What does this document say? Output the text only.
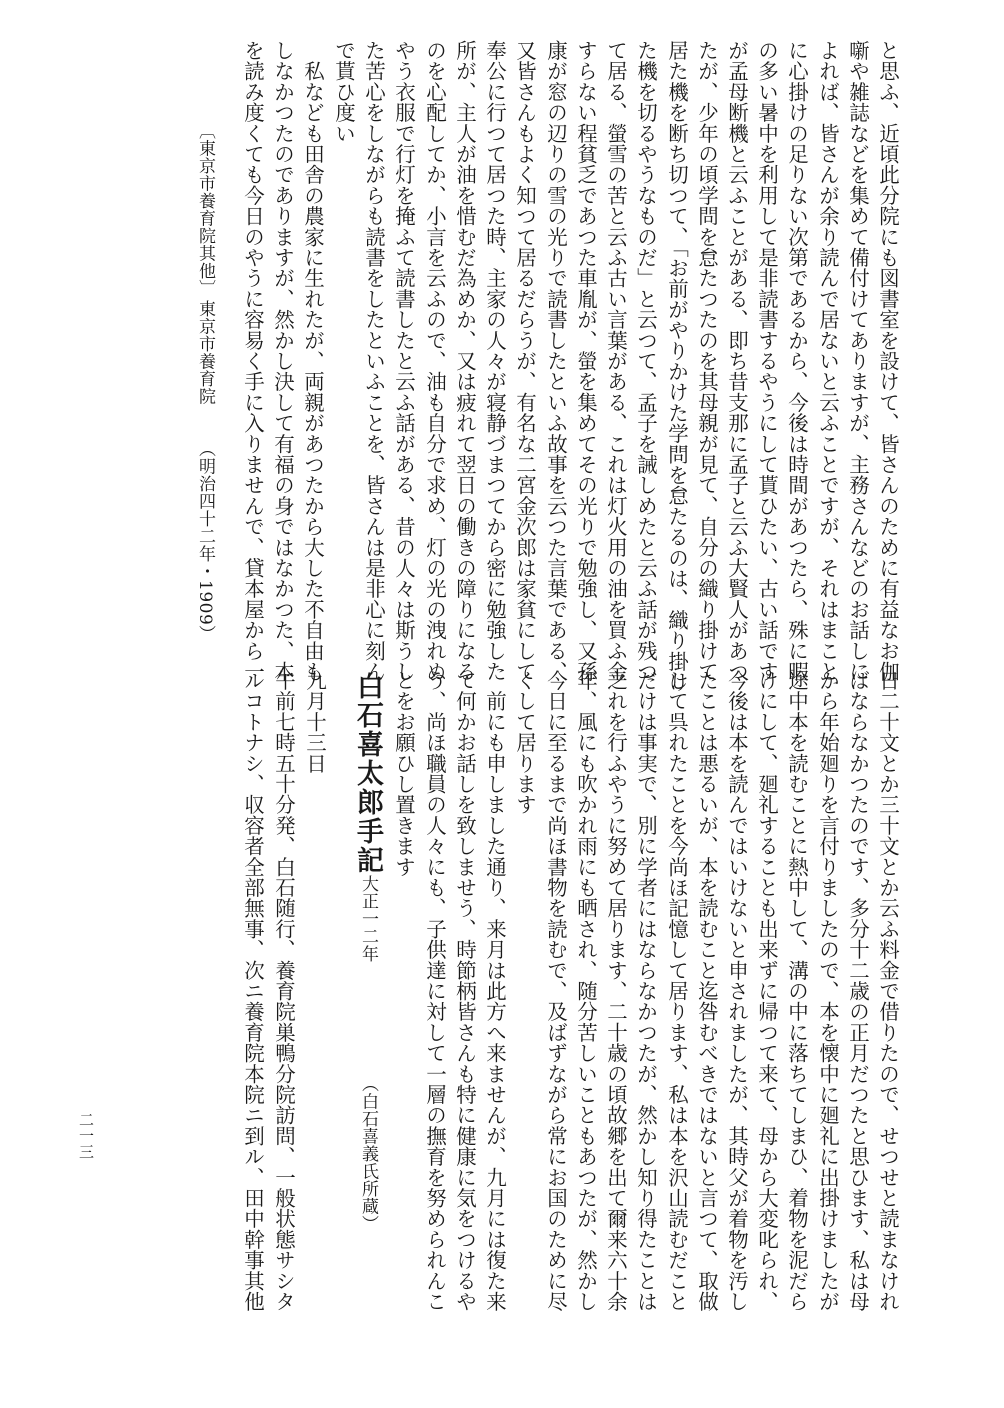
と思ふ、近頃此分院にも図書室を設けて、皆さんのために有益なお伽
噺や雑誌などを集めて備付けてありますが、主務さんなどのお話しに
よれば、皆さんが余り読んで居ないと云ふことですが、それはまこと
に心掛けの足りない次第であるから、今後は時間があつたら、殊に暇
の多い暑中を利用して是非読書するやうにして貰ひたい、古い話です
が孟母断機と云ふことがある、即ち昔支那に孟子と云ふ大賢人があつ
たが、少年の頃学問を怠たつたのを其母親が見て、自分の織り掛けて
居た機を断ち切つて、「お前がやりかけた学問を怠たるのは、織り掛け
た機を切るやうなものだ」と云つて、孟子を誡しめたと云ふ話が残つ
て居る、螢雪の苦と云ふ古い言葉がある、これは灯火用の油を買ふ金
すらない程貧乏であつた車胤が、螢を集めてその光りで勉強し、又孫
康が窓の辺りの雪の光りで読書したといふ故事を云つた言葉である、
又皆さんもよく知つて居るだらうが、有名な二宮金次郎は家貧にして
奉公に行つて居つた時、主家の人々が寝静づまつてから密に勉強した
所が、主人が油を惜むだ為めか、又は疲れて翌日の働きの障りになる
のを心配してか、小言を云ふので、油も自分で求め、灯の光の洩れぬ
やう衣服で行灯を掩ふて読書したと云ふ話がある、昔の人々は斯うし
た苦心をしながらも読書をしたといふことを、皆さんは是非心に刻ん
で貰ひ度い
　私なども田舎の農家に生れたが、両親があつたから大した不自由も
しなかつたのでありますが、然かし決して有福の身ではなかつた、本
を読み度くても今日のやうに容易く手に入りませんで、貸本屋から一
〔東京市養育院其他〕
東京市養育院
（明治四十二年・1909）
日二十文とか三十文とか云ふ料金で借りたので、せつせと読まなけれ
ばならなかつたのです、多分十二歳の正月だつたと思ひます、私は母
から年始廻りを言付りましたので、本を懐中に廻礼に出掛けましたが
途中本を読むことに熱中して、溝の中に落ちてしまひ、着物を泥だら
けにして、廻礼することも出来ずに帰つて来て、母から大変叱られ、
今後は本を読んではいけないと申されましたが、其時父が着物を汚し
たことは悪るいが、本を読むこと迄咎むべきではないと言つて、取做
して呉れたことを今尚ほ記憶して居ります、私は本を沢山読むだこと
だけは事実で、別に学者にはならなかつたが、然かし知り得たことは
之れを行ふやうに努めて居ります、二十歳の頃故郷を出て爾来六十余
年、風にも吹かれ雨にも晒され、随分苦しいこともあつたが、然かし
今日に至るまで尚ほ書物を読むで、及ばずながら常にお国のために尽
くして居ります
　前にも申しました通り、来月は此方へ来ませんが、九月には復た来
て何かお話しを致しませう、時節柄皆さんも特に健康に気をつけるや
う、尚ほ職員の人々にも、子供達に対して一層の撫育を努められんこ
とをお願ひし置きます
白石喜太郎手記
大正一二年
（白石喜義氏所蔵）
九月十三日
午前七時五十分発、白石随行、養育院巣鴨分院訪問、一般状態サシタ
ルコトナシ、収容者全部無事、次ニ養育院本院ニ到ル、田中幹事其他
二一三
